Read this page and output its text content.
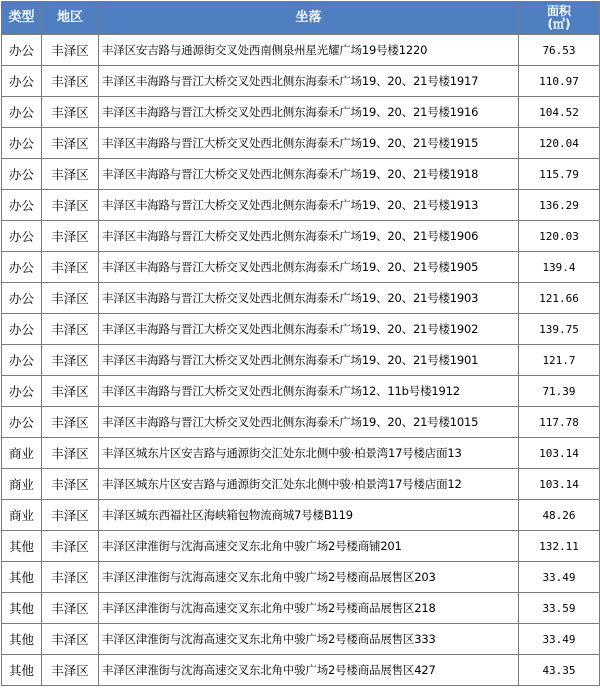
类型	地区	坐落	面积
(㎡)
办公	丰泽区	丰泽区安吉路与通源街交叉处西南侧泉州星光耀广场19号楼1220	76.53
办公	丰泽区	丰泽区丰海路与晋江大桥交叉处西北侧东海泰禾广场19、20、21号楼1917	110.97
办公	丰泽区	丰泽区丰海路与晋江大桥交叉处西北侧东海泰禾广场19、20、21号楼1916	104.52
办公	丰泽区	丰泽区丰海路与晋江大桥交叉处西北侧东海泰禾广场19、20、21号楼1915	120.04
办公	丰泽区	丰泽区丰海路与晋江大桥交叉处西北侧东海泰禾广场19、20、21号楼1918	115.79
办公	丰泽区	丰泽区丰海路与晋江大桥交叉处西北侧东海泰禾广场19、20、21号楼1913	136.29
办公	丰泽区	丰泽区丰海路与晋江大桥交叉处西北侧东海泰禾广场19、20、21号楼1906	120.03
办公	丰泽区	丰泽区丰海路与晋江大桥交叉处西北侧东海泰禾广场19、20、21号楼1905	139.4
办公	丰泽区	丰泽区丰海路与晋江大桥交叉处西北侧东海泰禾广场19、20、21号楼1903	121.66
办公	丰泽区	丰泽区丰海路与晋江大桥交叉处西北侧东海泰禾广场19、20、21号楼1902	139.75
办公	丰泽区	丰泽区丰海路与晋江大桥交叉处西北侧东海泰禾广场19、20、21号楼1901	121.7
办公	丰泽区	丰泽区丰海路与晋江大桥交叉处西北侧东海泰禾广场12、11b号楼1912	71.39
办公	丰泽区	丰泽区丰海路与晋江大桥交叉处西北侧东海泰禾广场19、20、21号楼1015	117.78
商业	丰泽区	丰泽区城东片区安吉路与通源街交汇处东北侧中骏·柏景湾17号楼店面13	103.14
商业	丰泽区	丰泽区城东片区安吉路与通源街交汇处东北侧中骏·柏景湾17号楼店面12	103.14
商业	丰泽区	丰泽区城东西福社区海峡箱包物流商城7号楼B119	48.26
其他	丰泽区	丰泽区津淮街与沈海高速交叉东北角中骏广场2号楼商铺201	132.11
其他	丰泽区	丰泽区津淮街与沈海高速交叉东北角中骏广场2号楼商品展售区203	33.49
其他	丰泽区	丰泽区津淮街与沈海高速交叉东北角中骏广场2号楼商品展售区218	33.59
其他	丰泽区	丰泽区津淮街与沈海高速交叉东北角中骏广场2号楼商品展售区333	33.49
其他	丰泽区	丰泽区津淮街与沈海高速交叉东北角中骏广场2号楼商品展售区427	43.35
